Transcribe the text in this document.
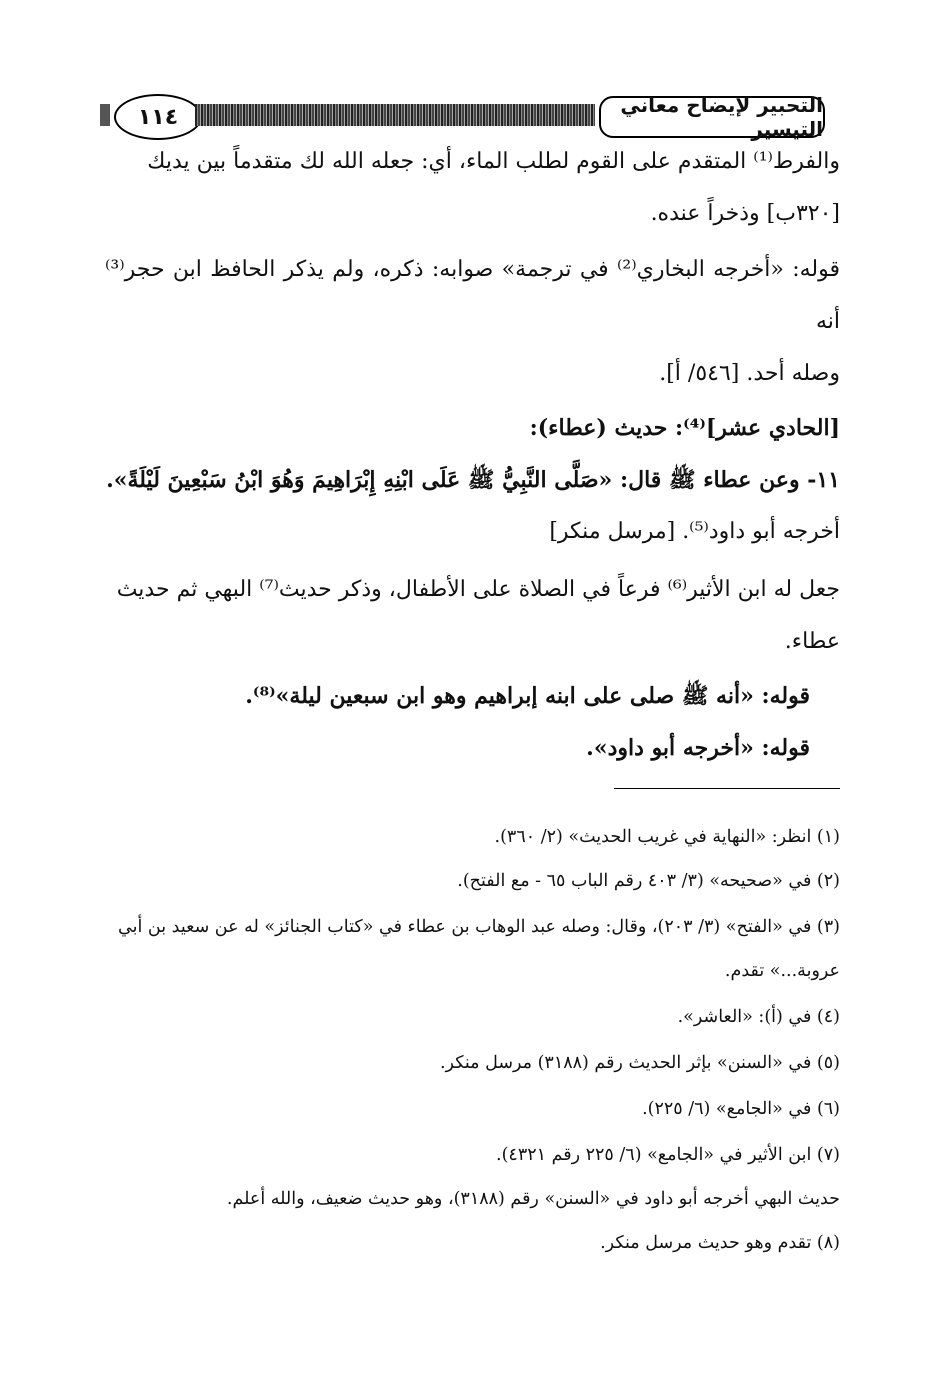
١١٤	التحبير لإيضاح معاني التيسير

والفرط⁽¹⁾ المتقدم على القوم لطلب الماء، أي: جعله الله لك متقدماً بين يديك

[٣٢٠ب] وذخراً عنده.

قوله: «أخرجه البخاري⁽²⁾ في ترجمة» صوابه: ذكره، ولم يذكر الحافظ ابن حجر⁽³⁾ أنه

وصله أحد. [٥٤٦/ أ].

[الحادي عشر]⁽⁴⁾: حديث (عطاء):

١١- وعن عطاء ﷺ قال: «صَلَّى النَّبِيُّ ﷺ عَلَى ابْنِهِ إِبْرَاهِيمَ وَهُوَ ابْنُ سَبْعِينَ لَيْلَةً».

أخرجه أبو داود⁽⁵⁾. [مرسل منكر]

جعل له ابن الأثير⁽⁶⁾ فرعاً في الصلاة على الأطفال، وذكر حديث⁽⁷⁾ البهي ثم حديث

عطاء.

قوله: «أنه ﷺ صلى على ابنه إبراهيم وهو ابن سبعين ليلة»⁽⁸⁾.

قوله: «أخرجه أبو داود».

(١) انظر: «النهاية في غريب الحديث» (٢/ ٣٦٠).

(٢) في «صحيحه» (٣/ ٤٠٣ رقم الباب ٦٥ - مع الفتح).

(٣) في «الفتح» (٣/ ٢٠٣)، وقال: وصله عبد الوهاب بن عطاء في «كتاب الجنائز» له عن سعيد بن أبي

عروبة...» تقدم.

(٤) في (أ): «العاشر».

(٥) في «السنن» بإثر الحديث رقم (٣١٨٨) مرسل منكر.

(٦) في «الجامع» (٦/ ٢٢٥).

(٧) ابن الأثير في «الجامع» (٦/ ٢٢٥ رقم ٤٣٢١).

حديث البهي أخرجه أبو داود في «السنن» رقم (٣١٨٨)، وهو حديث ضعيف، والله أعلم.

(٨) تقدم وهو حديث مرسل منكر.
